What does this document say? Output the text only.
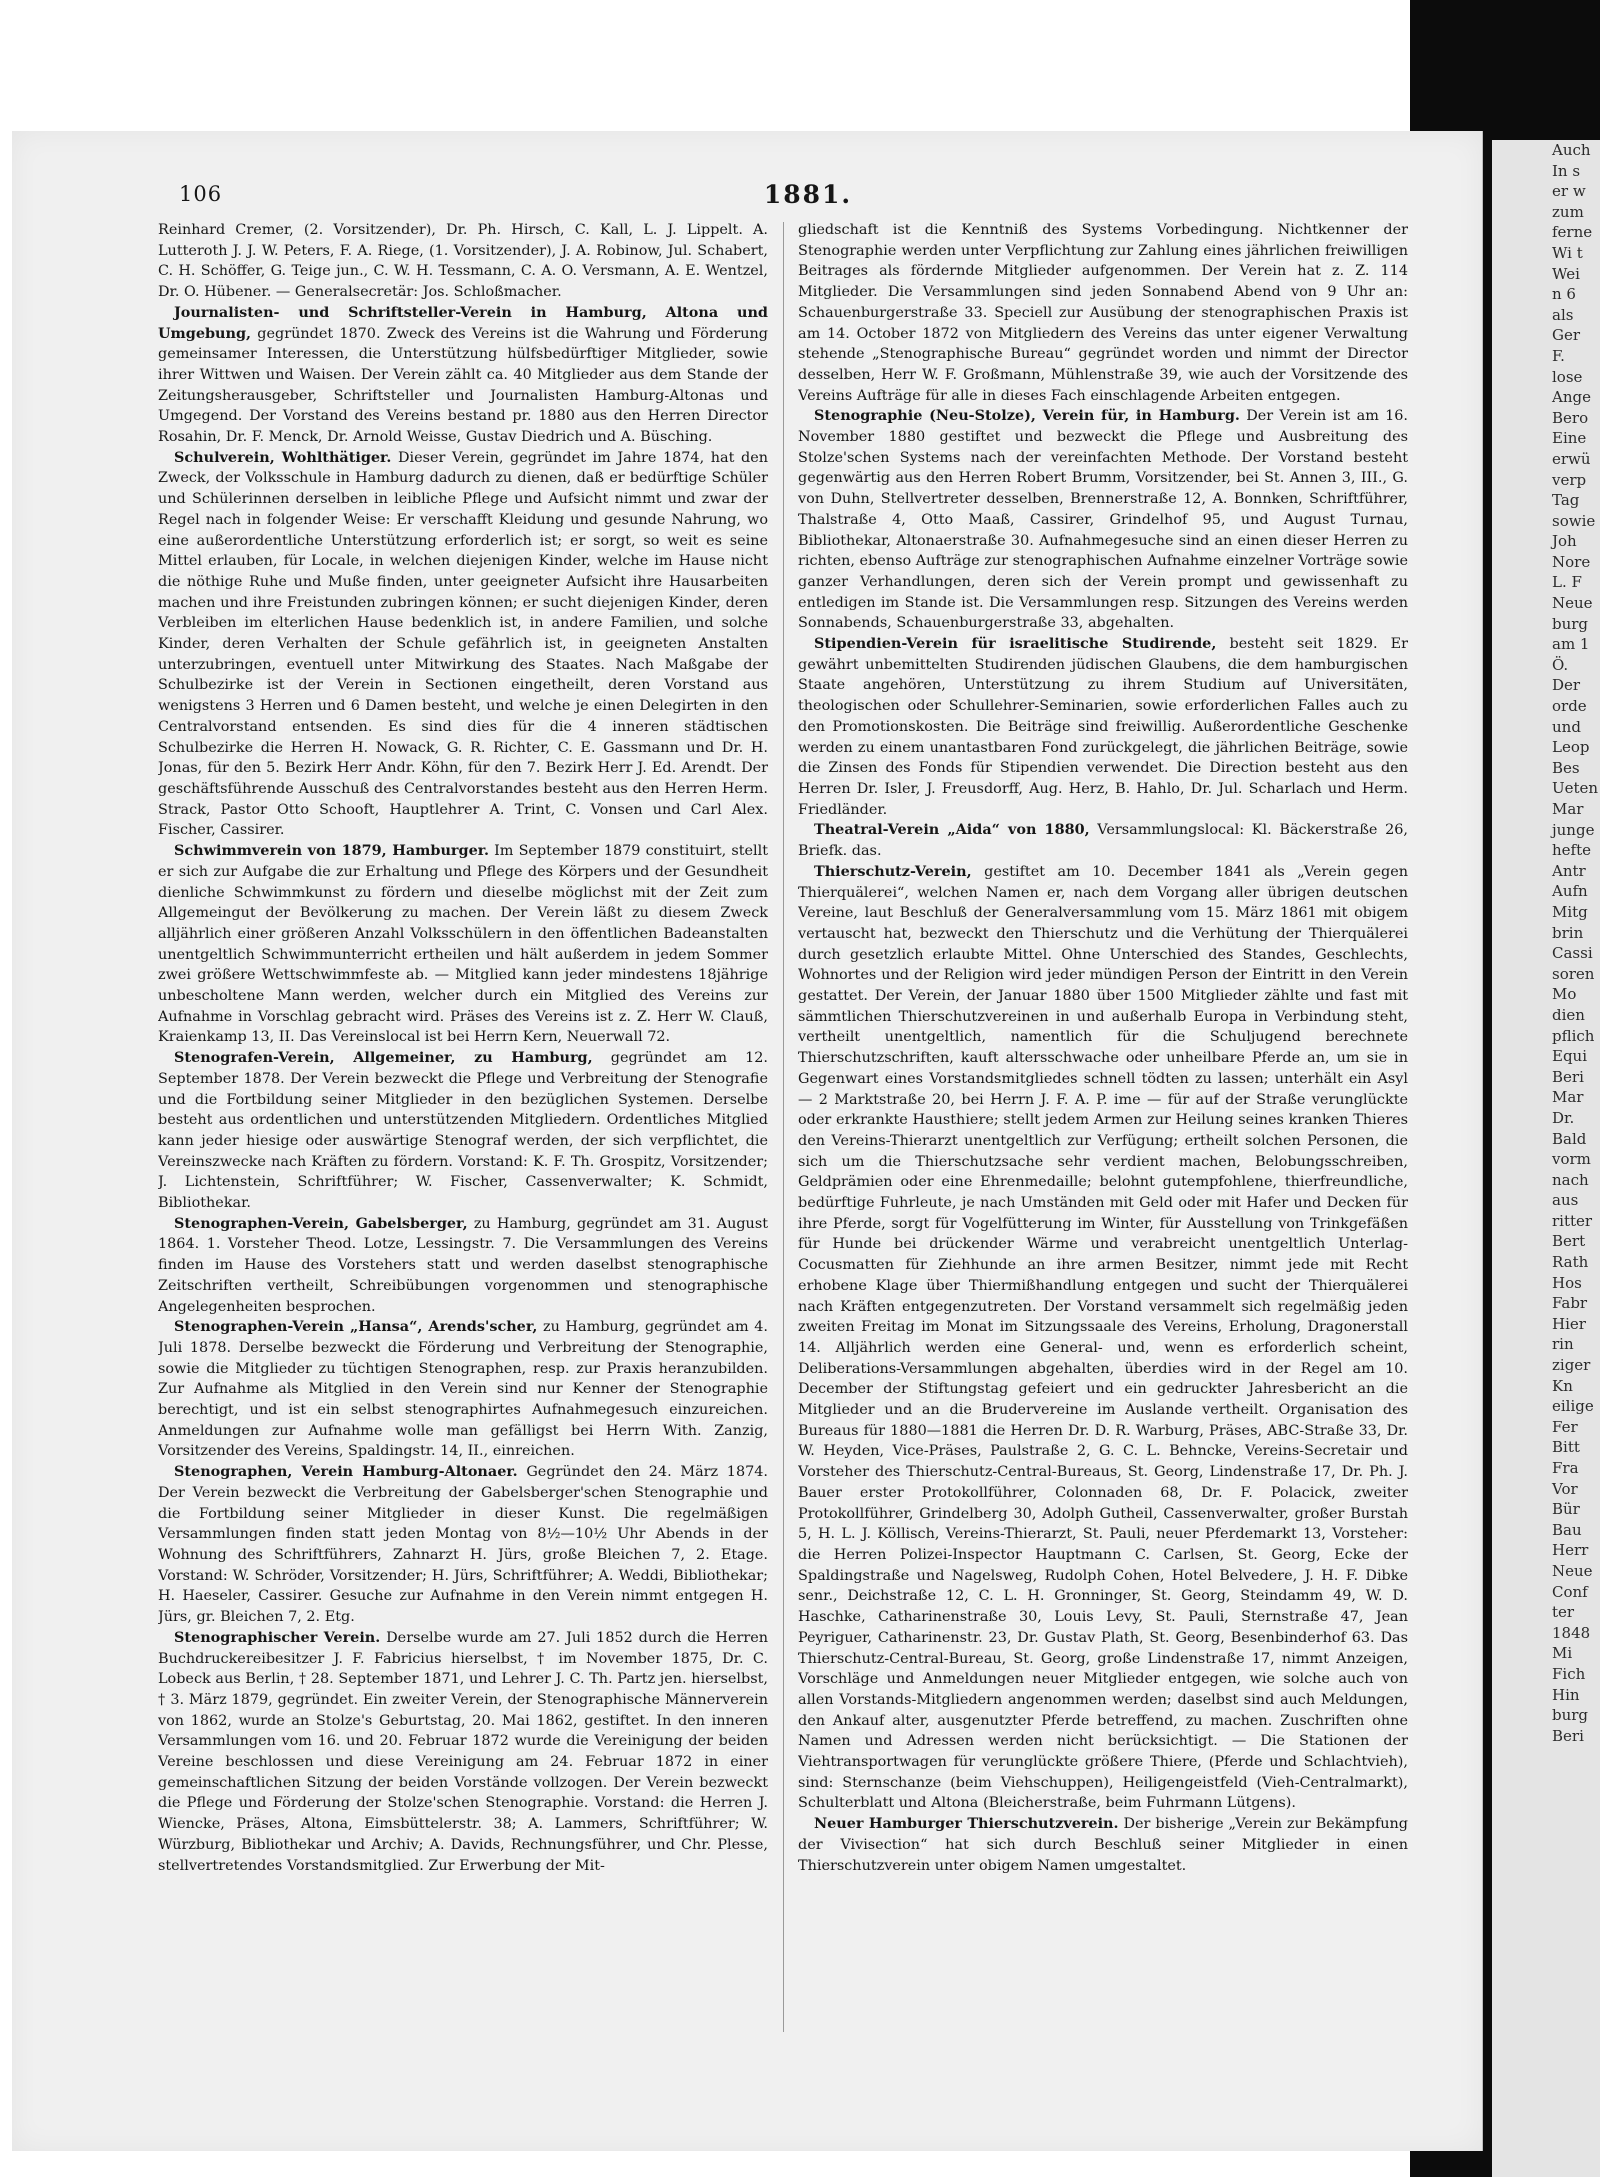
Auch
In s
er w
zum
ferne
Wi t
Wei
n 6
als
Ger
F.
lose
Ange
Bero
Eine
erwü
verp
Tag
sowie
Joh
Nore
L. F
Neue
burg
am 1
Ö.
Der
orde
und
Leop
Bes
Ueten
Mar
junge
hefte
Antr
Aufn
Mitg
brin
Cassi
soren
Mo
dien
pflich
Equi
Beri
Mar
Dr.
Bald
vorm
nach
aus
ritter
Bert
Rath
Hos
Fabr
Hier
rin
ziger
Kn
eilige
Fer
Bitt
Fra
Vor
Bür
Bau
Herr
Neue
Conf
ter
1848
Mi
Fich
Hin
burg
Beri
106	1881.

Reinhard Cremer, (2. Vorsitzender), Dr. Ph. Hirsch, C. Kall, L. J. Lippelt. A. Lutteroth J. J. W. Peters, F. A. Riege, (1. Vorsitzender), J. A. Robinow, Jul. Schabert, C. H. Schöffer, G. Teige jun., C. W. H. Tessmann, C. A. O. Versmann, A. E. Wentzel, Dr. O. Hübener. — Generalsecretär: Jos. Schloßmacher.

Journalisten- und Schriftsteller-Verein in Hamburg, Altona und Umgebung, gegründet 1870. Zweck des Vereins ist die Wahrung und Förderung gemeinsamer Interessen, die Unterstützung hülfsbedürftiger Mitglieder, sowie ihrer Wittwen und Waisen. Der Verein zählt ca. 40 Mitglieder aus dem Stande der Zeitungsherausgeber, Schriftsteller und Journalisten Hamburg-Altonas und Umgegend. Der Vorstand des Vereins bestand pr. 1880 aus den Herren Director Rosahin, Dr. F. Menck, Dr. Arnold Weisse, Gustav Diedrich und A. Büsching.

Schulverein, Wohlthätiger. Dieser Verein, gegründet im Jahre 1874, hat den Zweck, der Volksschule in Hamburg dadurch zu dienen, daß er bedürftige Schüler und Schülerinnen derselben in leibliche Pflege und Aufsicht nimmt und zwar der Regel nach in folgender Weise: Er verschafft Kleidung und gesunde Nahrung, wo eine außerordentliche Unterstützung erforderlich ist; er sorgt, so weit es seine Mittel erlauben, für Locale, in welchen diejenigen Kinder, welche im Hause nicht die nöthige Ruhe und Muße finden, unter geeigneter Aufsicht ihre Hausarbeiten machen und ihre Freistunden zubringen können; er sucht diejenigen Kinder, deren Verbleiben im elterlichen Hause bedenklich ist, in andere Familien, und solche Kinder, deren Verhalten der Schule gefährlich ist, in geeigneten Anstalten unterzubringen, eventuell unter Mitwirkung des Staates. Nach Maßgabe der Schulbezirke ist der Verein in Sectionen eingetheilt, deren Vorstand aus wenigstens 3 Herren und 6 Damen besteht, und welche je einen Delegirten in den Centralvorstand entsenden. Es sind dies für die 4 inneren städtischen Schulbezirke die Herren H. Nowack, G. R. Richter, C. E. Gassmann und Dr. H. Jonas, für den 5. Bezirk Herr Andr. Köhn, für den 7. Bezirk Herr J. Ed. Arendt. Der geschäftsführende Ausschuß des Centralvorstandes besteht aus den Herren Herm. Strack, Pastor Otto Schooft, Hauptlehrer A. Trint, C. Vonsen und Carl Alex. Fischer, Cassirer.

Schwimmverein von 1879, Hamburger. Im September 1879 constituirt, stellt er sich zur Aufgabe die zur Erhaltung und Pflege des Körpers und der Gesundheit dienliche Schwimmkunst zu fördern und dieselbe möglichst mit der Zeit zum Allgemeingut der Bevölkerung zu machen. Der Verein läßt zu diesem Zweck alljährlich einer größeren Anzahl Volksschülern in den öffentlichen Badeanstalten unentgeltlich Schwimmunterricht ertheilen und hält außerdem in jedem Sommer zwei größere Wettschwimmfeste ab. — Mitglied kann jeder mindestens 18jährige unbescholtene Mann werden, welcher durch ein Mitglied des Vereins zur Aufnahme in Vorschlag gebracht wird. Präses des Vereins ist z. Z. Herr W. Clauß, Kraienkamp 13, II. Das Vereinslocal ist bei Herrn Kern, Neuerwall 72.

Stenografen-Verein, Allgemeiner, zu Hamburg, gegründet am 12. September 1878. Der Verein bezweckt die Pflege und Verbreitung der Stenografie und die Fortbildung seiner Mitglieder in den bezüglichen Systemen. Derselbe besteht aus ordentlichen und unterstützenden Mitgliedern. Ordentliches Mitglied kann jeder hiesige oder auswärtige Stenograf werden, der sich verpflichtet, die Vereinszwecke nach Kräften zu fördern. Vorstand: K. F. Th. Grospitz, Vorsitzender; J. Lichtenstein, Schriftführer; W. Fischer, Cassenverwalter; K. Schmidt, Bibliothekar.

Stenographen-Verein, Gabelsberger, zu Hamburg, gegründet am 31. August 1864. 1. Vorsteher Theod. Lotze, Lessingstr. 7. Die Versammlungen des Vereins finden im Hause des Vorstehers statt und werden daselbst stenographische Zeitschriften vertheilt, Schreibübungen vorgenommen und stenographische Angelegenheiten besprochen.

Stenographen-Verein „Hansa“, Arends'scher, zu Hamburg, gegründet am 4. Juli 1878. Derselbe bezweckt die Förderung und Verbreitung der Stenographie, sowie die Mitglieder zu tüchtigen Stenographen, resp. zur Praxis heranzubilden. Zur Aufnahme als Mitglied in den Verein sind nur Kenner der Stenographie berechtigt, und ist ein selbst stenographirtes Aufnahmegesuch einzureichen. Anmeldungen zur Aufnahme wolle man gefälligst bei Herrn With. Zanzig, Vorsitzender des Vereins, Spaldingstr. 14, II., einreichen.

Stenographen, Verein Hamburg-Altonaer. Gegründet den 24. März 1874. Der Verein bezweckt die Verbreitung der Gabelsberger'schen Stenographie und die Fortbildung seiner Mitglieder in dieser Kunst. Die regelmäßigen Versammlungen finden statt jeden Montag von 8½—10½ Uhr Abends in der Wohnung des Schriftführers, Zahnarzt H. Jürs, große Bleichen 7, 2. Etage. Vorstand: W. Schröder, Vorsitzender; H. Jürs, Schriftführer; A. Weddi, Bibliothekar; H. Haeseler, Cassirer. Gesuche zur Aufnahme in den Verein nimmt entgegen H. Jürs, gr. Bleichen 7, 2. Etg.

Stenographischer Verein. Derselbe wurde am 27. Juli 1852 durch die Herren Buchdruckereibesitzer J. F. Fabricius hierselbst, † im November 1875, Dr. C. Lobeck aus Berlin, † 28. September 1871, und Lehrer J. C. Th. Partz jen. hierselbst, † 3. März 1879, gegründet. Ein zweiter Verein, der Stenographische Männerverein von 1862, wurde an Stolze's Geburtstag, 20. Mai 1862, gestiftet. In den inneren Versammlungen vom 16. und 20. Februar 1872 wurde die Vereinigung der beiden Vereine beschlossen und diese Vereinigung am 24. Februar 1872 in einer gemeinschaftlichen Sitzung der beiden Vorstände vollzogen. Der Verein bezweckt die Pflege und Förderung der Stolze'schen Stenographie. Vorstand: die Herren J. Wiencke, Präses, Altona, Eimsbüttelerstr. 38; A. Lammers, Schriftführer; W. Würzburg, Bibliothekar und Archiv; A. Davids, Rechnungsführer, und Chr. Plesse, stellvertretendes Vorstandsmitglied. Zur Erwerbung der Mit-

gliedschaft ist die Kenntniß des Systems Vorbedingung. Nichtkenner der Stenographie werden unter Verpflichtung zur Zahlung eines jährlichen freiwilligen Beitrages als fördernde Mitglieder aufgenommen. Der Verein hat z. Z. 114 Mitglieder. Die Versammlungen sind jeden Sonnabend Abend von 9 Uhr an: Schauenburgerstraße 33. Speciell zur Ausübung der stenographischen Praxis ist am 14. October 1872 von Mitgliedern des Vereins das unter eigener Verwaltung stehende „Stenographische Bureau“ gegründet worden und nimmt der Director desselben, Herr W. F. Großmann, Mühlenstraße 39, wie auch der Vorsitzende des Vereins Aufträge für alle in dieses Fach einschlagende Arbeiten entgegen.

Stenographie (Neu-Stolze), Verein für, in Hamburg. Der Verein ist am 16. November 1880 gestiftet und bezweckt die Pflege und Ausbreitung des Stolze'schen Systems nach der vereinfachten Methode. Der Vorstand besteht gegenwärtig aus den Herren Robert Brumm, Vorsitzender, bei St. Annen 3, III., G. von Duhn, Stellvertreter desselben, Brennerstraße 12, A. Bonnken, Schriftführer, Thalstraße 4, Otto Maaß, Cassirer, Grindelhof 95, und August Turnau, Bibliothekar, Altonaerstraße 30. Aufnahmegesuche sind an einen dieser Herren zu richten, ebenso Aufträge zur stenographischen Aufnahme einzelner Vorträge sowie ganzer Verhandlungen, deren sich der Verein prompt und gewissenhaft zu entledigen im Stande ist. Die Versammlungen resp. Sitzungen des Vereins werden Sonnabends, Schauenburgerstraße 33, abgehalten.

Stipendien-Verein für israelitische Studirende, besteht seit 1829. Er gewährt unbemittelten Studirenden jüdischen Glaubens, die dem hamburgischen Staate angehören, Unterstützung zu ihrem Studium auf Universitäten, theologischen oder Schullehrer-Seminarien, sowie erforderlichen Falles auch zu den Promotionskosten. Die Beiträge sind freiwillig. Außerordentliche Geschenke werden zu einem unantastbaren Fond zurückgelegt, die jährlichen Beiträge, sowie die Zinsen des Fonds für Stipendien verwendet. Die Direction besteht aus den Herren Dr. Isler, J. Freusdorff, Aug. Herz, B. Hahlo, Dr. Jul. Scharlach und Herm. Friedländer.

Theatral-Verein „Aida“ von 1880, Versammlungslocal: Kl. Bäckerstraße 26, Briefk. das.

Thierschutz-Verein, gestiftet am 10. December 1841 als „Verein gegen Thierquälerei“, welchen Namen er, nach dem Vorgang aller übrigen deutschen Vereine, laut Beschluß der Generalversammlung vom 15. März 1861 mit obigem vertauscht hat, bezweckt den Thierschutz und die Verhütung der Thierquälerei durch gesetzlich erlaubte Mittel. Ohne Unterschied des Standes, Geschlechts, Wohnortes und der Religion wird jeder mündigen Person der Eintritt in den Verein gestattet. Der Verein, der Januar 1880 über 1500 Mitglieder zählte und fast mit sämmtlichen Thierschutzvereinen in und außerhalb Europa in Verbindung steht, vertheilt unentgeltlich, namentlich für die Schuljugend berechnete Thierschutzschriften, kauft altersschwache oder unheilbare Pferde an, um sie in Gegenwart eines Vorstandsmitgliedes schnell tödten zu lassen; unterhält ein Asyl — 2 Marktstraße 20, bei Herrn J. F. A. P. ime — für auf der Straße verunglückte oder erkrankte Hausthiere; stellt jedem Armen zur Heilung seines kranken Thieres den Vereins-Thierarzt unentgeltlich zur Verfügung; ertheilt solchen Personen, die sich um die Thierschutzsache sehr verdient machen, Belobungsschreiben, Geldprämien oder eine Ehrenmedaille; belohnt gutempfohlene, thierfreundliche, bedürftige Fuhrleute, je nach Umständen mit Geld oder mit Hafer und Decken für ihre Pferde, sorgt für Vogelfütterung im Winter, für Ausstellung von Trinkgefäßen für Hunde bei drückender Wärme und verabreicht unentgeltlich Unterlag-Cocusmatten für Ziehhunde an ihre armen Besitzer, nimmt jede mit Recht erhobene Klage über Thiermißhandlung entgegen und sucht der Thierquälerei nach Kräften entgegenzutreten. Der Vorstand versammelt sich regelmäßig jeden zweiten Freitag im Monat im Sitzungssaale des Vereins, Erholung, Dragonerstall 14. Alljährlich werden eine General- und, wenn es erforderlich scheint, Deliberations-Versammlungen abgehalten, überdies wird in der Regel am 10. December der Stiftungstag gefeiert und ein gedruckter Jahresbericht an die Mitglieder und an die Brudervereine im Auslande vertheilt. Organisation des Bureaus für 1880—1881 die Herren Dr. D. R. Warburg, Präses, ABC-Straße 33, Dr. W. Heyden, Vice-Präses, Paulstraße 2, G. C. L. Behncke, Vereins-Secretair und Vorsteher des Thierschutz-Central-Bureaus, St. Georg, Lindenstraße 17, Dr. Ph. J. Bauer erster Protokollführer, Colonnaden 68, Dr. F. Polacick, zweiter Protokollführer, Grindelberg 30, Adolph Gutheil, Cassenverwalter, großer Burstah 5, H. L. J. Köllisch, Vereins-Thierarzt, St. Pauli, neuer Pferdemarkt 13, Vorsteher: die Herren Polizei-Inspector Hauptmann C. Carlsen, St. Georg, Ecke der Spaldingstraße und Nagelsweg, Rudolph Cohen, Hotel Belvedere, J. H. F. Dibke senr., Deichstraße 12, C. L. H. Gronninger, St. Georg, Steindamm 49, W. D. Haschke, Catharinenstraße 30, Louis Levy, St. Pauli, Sternstraße 47, Jean Peyriguer, Catharinenstr. 23, Dr. Gustav Plath, St. Georg, Besenbinderhof 63. Das Thierschutz-Central-Bureau, St. Georg, große Lindenstraße 17, nimmt Anzeigen, Vorschläge und Anmeldungen neuer Mitglieder entgegen, wie solche auch von allen Vorstands-Mitgliedern angenommen werden; daselbst sind auch Meldungen, den Ankauf alter, ausgenutzter Pferde betreffend, zu machen. Zuschriften ohne Namen und Adressen werden nicht berücksichtigt. — Die Stationen der Viehtransportwagen für verunglückte größere Thiere, (Pferde und Schlachtvieh), sind: Sternschanze (beim Viehschuppen), Heiligengeistfeld (Vieh-Centralmarkt), Schulterblatt und Altona (Bleicherstraße, beim Fuhrmann Lütgens).

Neuer Hamburger Thierschutzverein. Der bisherige „Verein zur Bekämpfung der Vivisection“ hat sich durch Beschluß seiner Mitglieder in einen Thierschutzverein unter obigem Namen umgestaltet.
